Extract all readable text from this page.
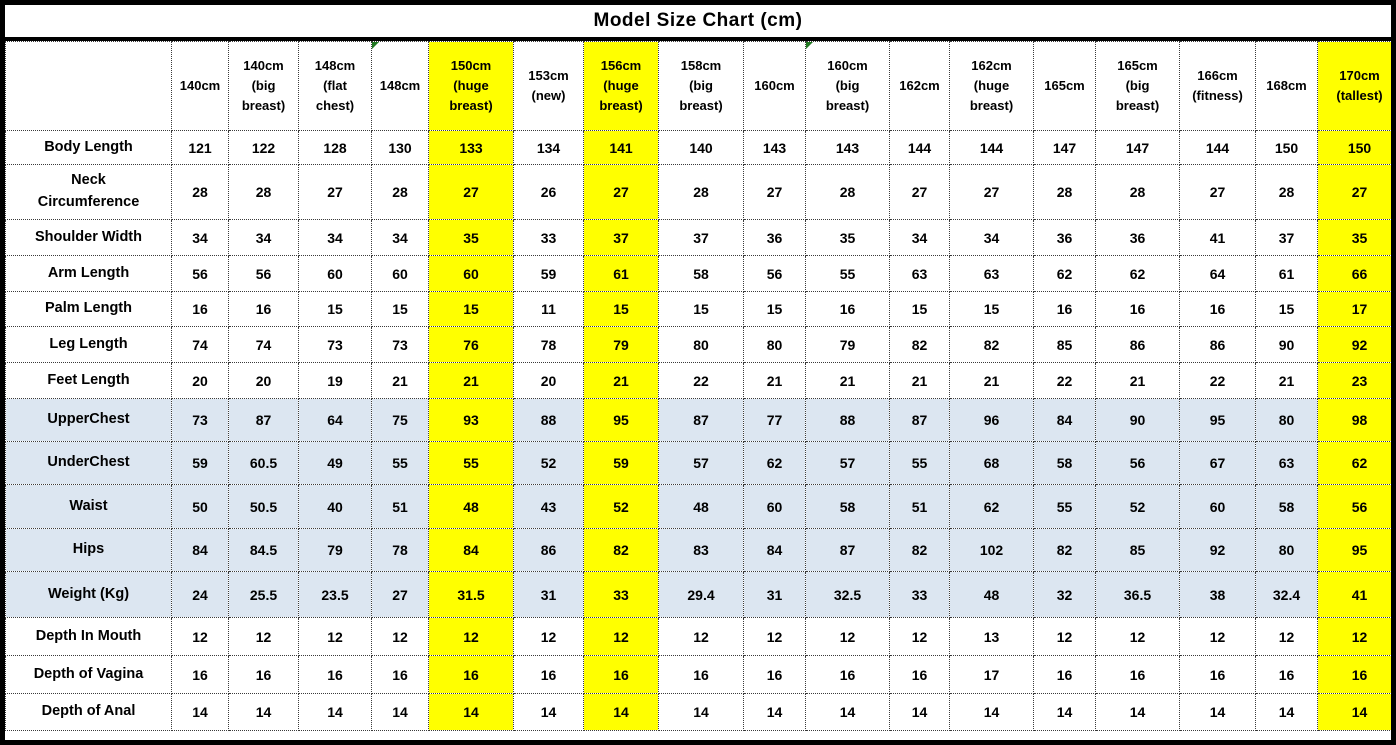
Model Size Chart (cm)
	140cm	140cm
(big
breast)	148cm
(flat
chest)	148cm	150cm
(huge
breast)	153cm
(new)	156cm
(huge
breast)	158cm
(big
breast)	160cm	160cm
(big
breast)	162cm	162cm
(huge
breast)	165cm	165cm
(big
breast)	166cm
(fitness)	168cm	170cm
(tallest)
Body Length	121	122	128	130	133	134	141	140	143	143	144	144	147	147	144	150	150
Neck
Circumference	28	28	27	28	27	26	27	28	27	28	27	27	28	28	27	28	27
Shoulder Width	34	34	34	34	35	33	37	37	36	35	34	34	36	36	41	37	35
Arm Length	56	56	60	60	60	59	61	58	56	55	63	63	62	62	64	61	66
Palm Length	16	16	15	15	15	11	15	15	15	16	15	15	16	16	16	15	17
Leg Length	74	74	73	73	76	78	79	80	80	79	82	82	85	86	86	90	92
Feet Length	20	20	19	21	21	20	21	22	21	21	21	21	22	21	22	21	23
UpperChest	73	87	64	75	93	88	95	87	77	88	87	96	84	90	95	80	98
UnderChest	59	60.5	49	55	55	52	59	57	62	57	55	68	58	56	67	63	62
Waist	50	50.5	40	51	48	43	52	48	60	58	51	62	55	52	60	58	56
Hips	84	84.5	79	78	84	86	82	83	84	87	82	102	82	85	92	80	95
Weight (Kg)	24	25.5	23.5	27	31.5	31	33	29.4	31	32.5	33	48	32	36.5	38	32.4	41
Depth In Mouth	12	12	12	12	12	12	12	12	12	12	12	13	12	12	12	12	12
Depth of Vagina	16	16	16	16	16	16	16	16	16	16	16	17	16	16	16	16	16
Depth of Anal	14	14	14	14	14	14	14	14	14	14	14	14	14	14	14	14	14
